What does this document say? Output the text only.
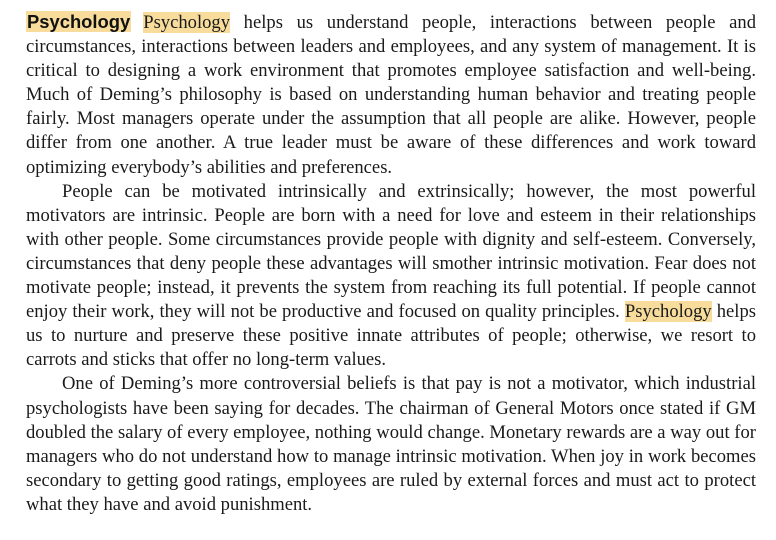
Psychology Psychology helps us understand people, interactions between people and circumstances, interactions between leaders and employees, and any system of management. It is critical to designing a work environment that promotes employee satisfaction and well-being. Much of Deming’s philosophy is based on understanding human behavior and treating people fairly. Most managers operate under the assumption that all people are alike. However, people differ from one another. A true leader must be aware of these differences and work toward optimizing everybody’s abilities and preferences.

People can be motivated intrinsically and extrinsically; however, the most powerful motivators are intrinsic. People are born with a need for love and esteem in their relationships with other people. Some circumstances provide people with dignity and self-esteem. Conversely, circumstances that deny people these advantages will smother intrinsic motivation. Fear does not motivate people; instead, it prevents the system from reaching its full potential. If people cannot enjoy their work, they will not be productive and focused on quality principles. Psychology helps us to nurture and preserve these positive innate attributes of people; otherwise, we resort to carrots and sticks that offer no long-term values.

One of Deming’s more controversial beliefs is that pay is not a motivator, which industrial psychologists have been saying for decades. The chairman of General Motors once stated if GM doubled the salary of every employee, nothing would change. Monetary rewards are a way out for managers who do not understand how to manage intrinsic motivation. When joy in work becomes secondary to getting good ratings, employees are ruled by external forces and must act to protect what they have and avoid punishment.
